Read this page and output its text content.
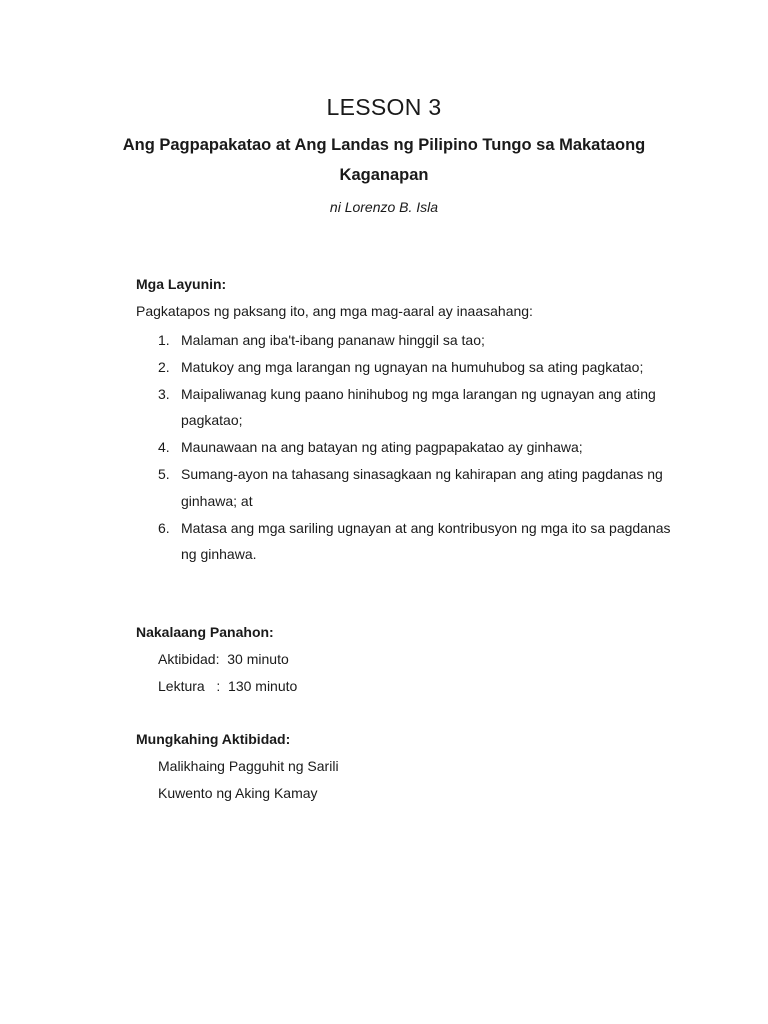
LESSON 3
Ang Pagpapakatao at Ang Landas ng Pilipino Tungo sa Makataong Kaganapan
ni Lorenzo B. Isla
Mga Layunin:
Pagkatapos ng paksang ito, ang mga mag-aaral ay inaasahang:
1. Malaman ang iba't-ibang pananaw hinggil sa tao;
2. Matukoy ang mga larangan ng ugnayan na humuhubog sa ating pagkatao;
3. Maipaliwanag kung paano hinihubog ng mga larangan ng ugnayan ang ating pagkatao;
4. Maunawaan na ang batayan ng ating pagpapakatao ay ginhawa;
5. Sumang-ayon na tahasang sinasagkaan ng kahirapan ang ating pagdanas ng ginhawa; at
6. Matasa ang mga sariling ugnayan at ang kontribusyon ng mga ito sa pagdanas ng ginhawa.
Nakalaang Panahon:
Aktibidad:  30 minuto
Lektura   :  130 minuto
Mungkahing Aktibidad:
Malikhaing Pagguhit ng Sarili
Kuwento ng Aking Kamay
